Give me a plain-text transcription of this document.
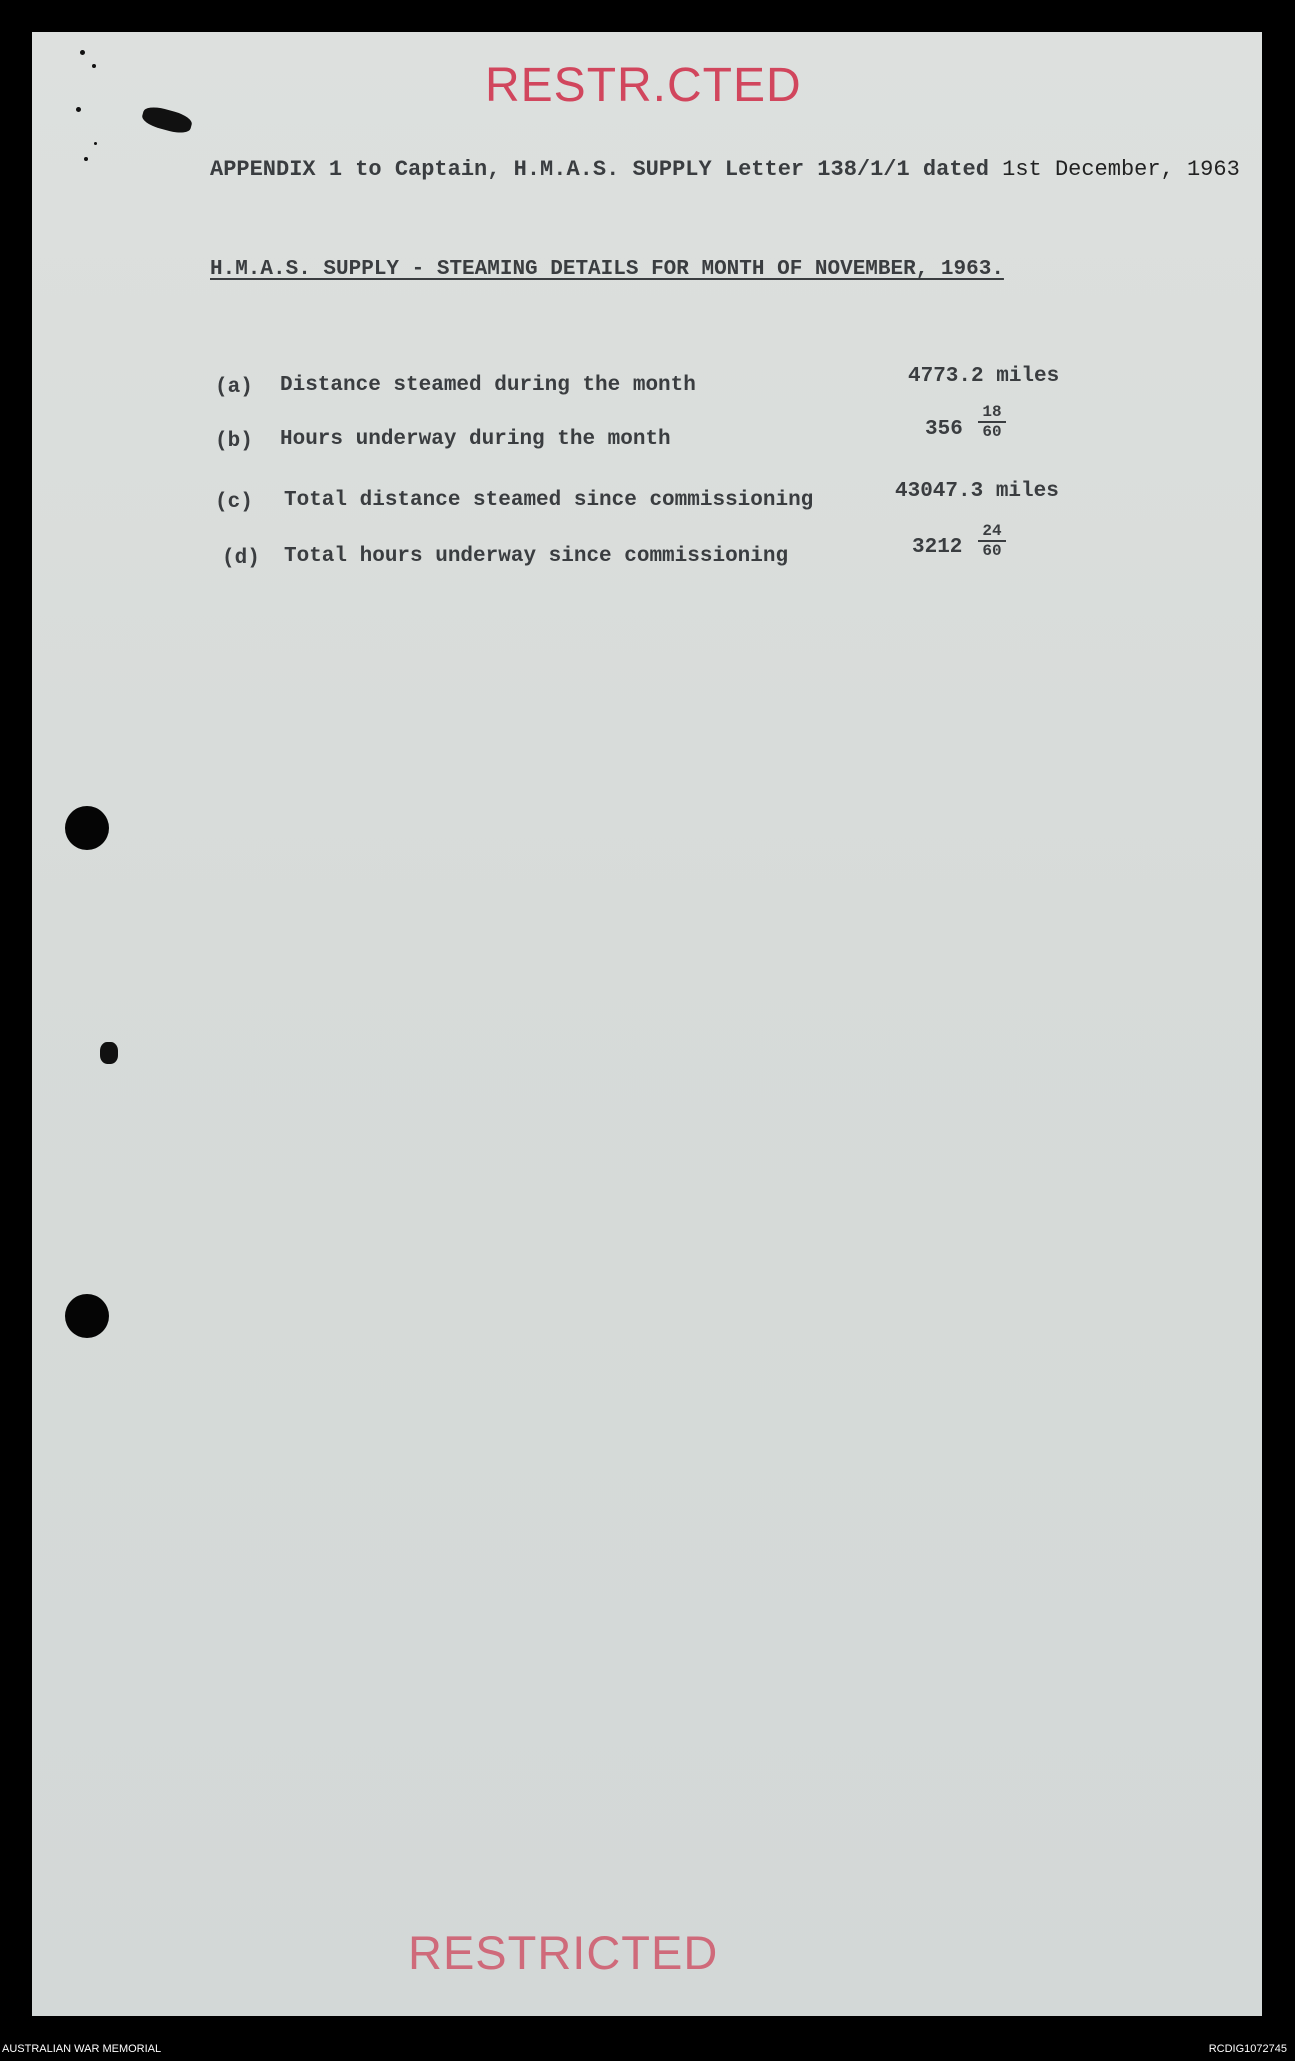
RESTR.CTED
APPENDIX 1 to Captain, H.M.A.S. SUPPLY Letter 138/1/1 dated 1st December, 1963
H.M.A.S. SUPPLY - STEAMING DETAILS FOR MONTH OF NOVEMBER, 1963.
(a) Distance steamed during the month	4773.2 miles
(b) Hours underway during the month	$356 \frac{18}{60}$
(c) Total distance steamed since commissioning	43047.3 miles
(d) Total hours underway since commissioning	$3212 \frac{24}{60}$
RESTRICTED
AUSTRALIAN WAR MEMORIAL	RCDIG1072745
